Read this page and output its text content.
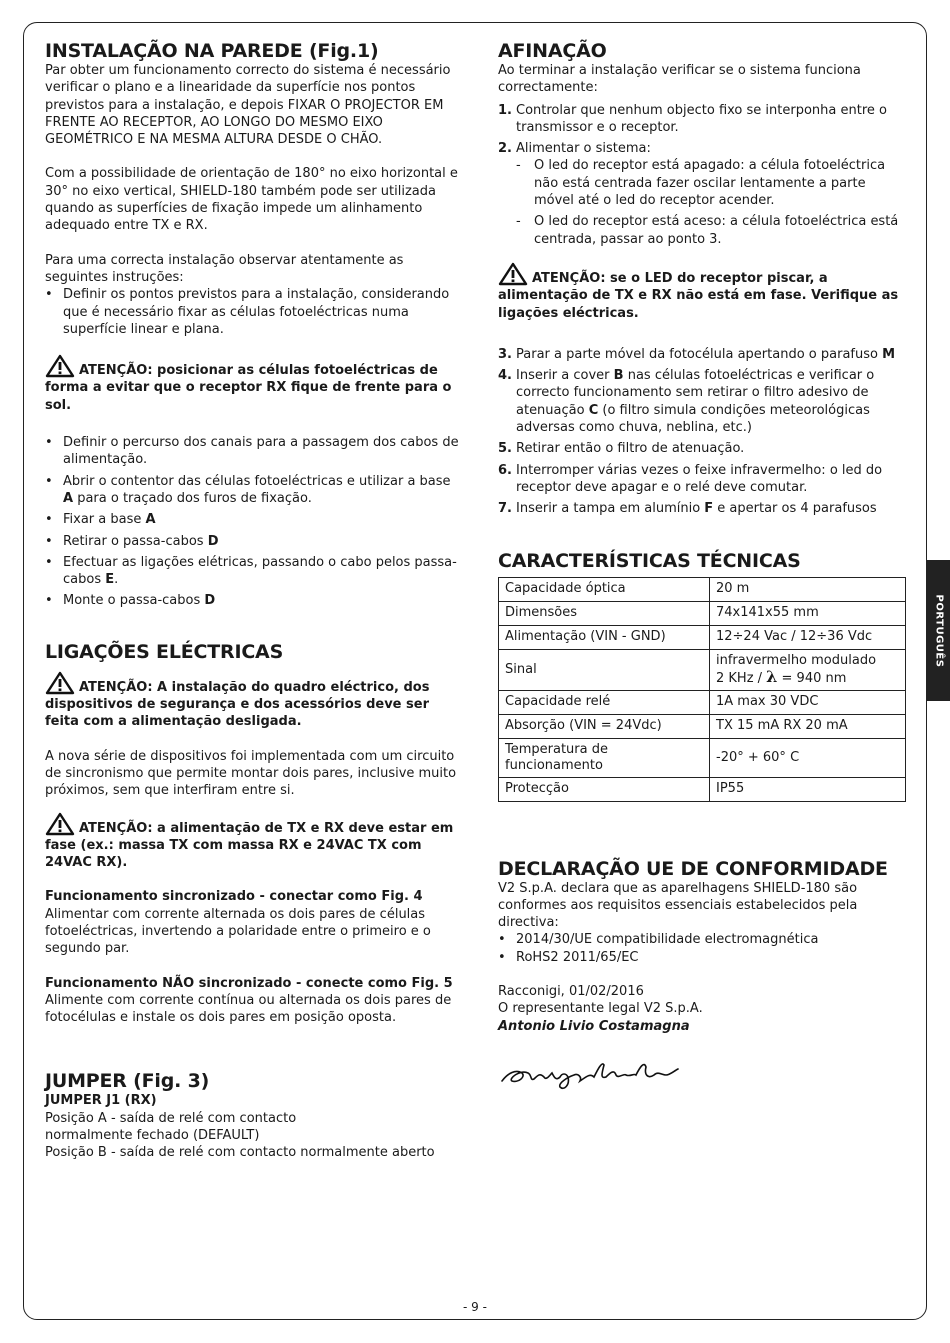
PORTUGUÊS
INSTALAÇÃO NA PAREDE (Fig.1)

Par obter um funcionamento correcto do sistema é necessário verificar o plano e a linearidade da superfície nos pontos previstos para a instalação, e depois FIXAR O PROJECTOR EM FRENTE AO RECEPTOR, AO LONGO DO MESMO EIXO GEOMÉTRICO E NA MESMA ALTURA DESDE O CHÃO.

Com a possibilidade de orientação de 180° no eixo horizontal e 30° no eixo vertical, SHIELD-180 também pode ser utilizada quando as superfícies de fixação impede um alinhamento adequado entre TX e RX.

Para uma correcta instalação observar atentamente as seguintes instruções:

• Definir os pontos previstos para a instalação, considerando que é necessário fixar as células fotoeléctricas numa superfície linear e plana.

ATENÇÃO: posicionar as células fotoeléctricas de forma a evitar que o receptor RX fique de frente para o sol.

• Definir o percurso dos canais para a passagem dos cabos de alimentação.
• Abrir o contentor das células fotoeléctricas e utilizar a base A para o traçado dos furos de fixação.
• Fixar a base A
• Retirar o passa-cabos D
• Efectuar as ligações elétricas, passando o cabo pelos passa-cabos E.
• Monte o passa-cabos D
LIGAÇÕES ELÉCTRICAS

ATENÇÃO: A instalação do quadro eléctrico, dos dispositivos de segurança e dos acessórios deve ser feita com a alimentação desligada.

A nova série de dispositivos foi implementada com um circuito de sincronismo que permite montar dois pares, inclusive muito próximos, sem que interfiram entre si.

ATENÇÃO: a alimentação de TX e RX deve estar em fase (ex.: massa TX com massa RX e 24VAC TX com 24VAC RX).

Funcionamento sincronizado - conectar como Fig. 4

Alimentar com corrente alternada os dois pares de células fotoeléctricas, invertendo a polaridade entre o primeiro e o segundo par.

Funcionamento NÃO sincronizado - conecte como Fig. 5

Alimente com corrente contínua ou alternada os dois pares de fotocélulas e instale os dois pares em posição oposta.

JUMPER (Fig. 3)

JUMPER J1 (RX)

Posição A - saída de relé com contacto normalmente fechado (DEFAULT)

Posição B - saída de relé com contacto normalmente aberto

AFINAÇÃO

Ao terminar a instalação verificar se o sistema funciona correctamente:

1. Controlar que nenhum objecto fixo se interponha entre o transmissor e o receptor.
2. Alimentar o sistema:
- O led do receptor está apagado: a célula fotoeléctrica não está centrada fazer oscilar lentamente a parte móvel até o led do receptor acender.
- O led do receptor está aceso: a célula fotoeléctrica está centrada, passar ao ponto 3.

ATENÇÃO: se o LED do receptor piscar, a alimentação de TX e RX não está em fase. Verifique as ligações eléctricas.

3. Parar a parte móvel da fotocélula apertando o parafuso M
4. Inserir a cover B nas células fotoeléctricas e verificar o correcto funcionamento sem retirar o filtro adesivo de atenuação C (o filtro simula condições meteorológicas adversas como chuva, neblina, etc.)
5. Retirar então o filtro de atenuação.
6. Interromper várias vezes o feixe infravermelho: o led do receptor deve apagar e o relé deve comutar.
7. Inserir a tampa em alumínio F e apertar os 4 parafusos
CARACTERÍSTICAS TÉCNICAS
Capacidade óptica	20 m
Dimensões	74x141x55 mm
Alimentação (VIN - GND)	12÷24 Vac / 12÷36 Vdc
Sinal	infravermelho modulado
2 KHz / λ = 940 nm
Capacidade relé	1A max 30 VDC
Absorção (VIN = 24Vdc)	TX 15 mA RX 20 mA
Temperatura de funcionamento	-20° + 60° C
Protecção	IP55
DECLARAÇÃO UE DE CONFORMIDADE

V2 S.p.A. declara que as aparelhagens SHIELD-180 são conformes aos requisitos essenciais estabelecidos pela directiva:

• 2014/30/UE compatibilidade electromagnética
• RoHS2 2011/65/EC

Racconigi, 01/02/2016

O representante legal V2 S.p.A.

Antonio Livio Costamagna

- 9 -
